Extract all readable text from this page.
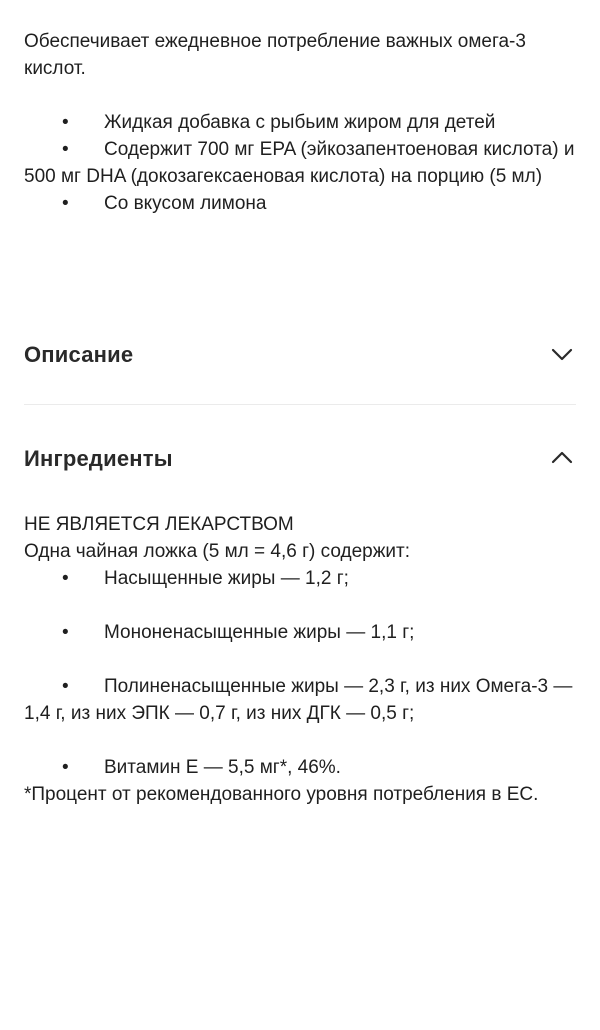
Обеспечивает ежедневное потребление важных омега-3 кислот.

• Жидкая добавка с рыбьим жиром для детей
• Содержит 700 мг EPA (эйкозапентоеновая кислота) и 500 мг DHA (докозагексаеновая кислота) на порцию (5 мл)
• Со вкусом лимона
Описание
Ингредиенты

НЕ ЯВЛЯЕТСЯ ЛЕКАРСТВОМ

Одна чайная ложка (5 мл = 4,6 г) содержит:

• Насыщенные жиры — 1,2 г;
• Мононенасыщенные жиры — 1,1 г;
• Полиненасыщенные жиры — 2,3 г, из них Омега-3 — 1,4 г, из них ЭПК — 0,7 г, из них ДГК — 0,5 г;
• Витамин Е — 5,5 мг*, 46%.

*Процент от рекомендованного уровня потребления в ЕС.
